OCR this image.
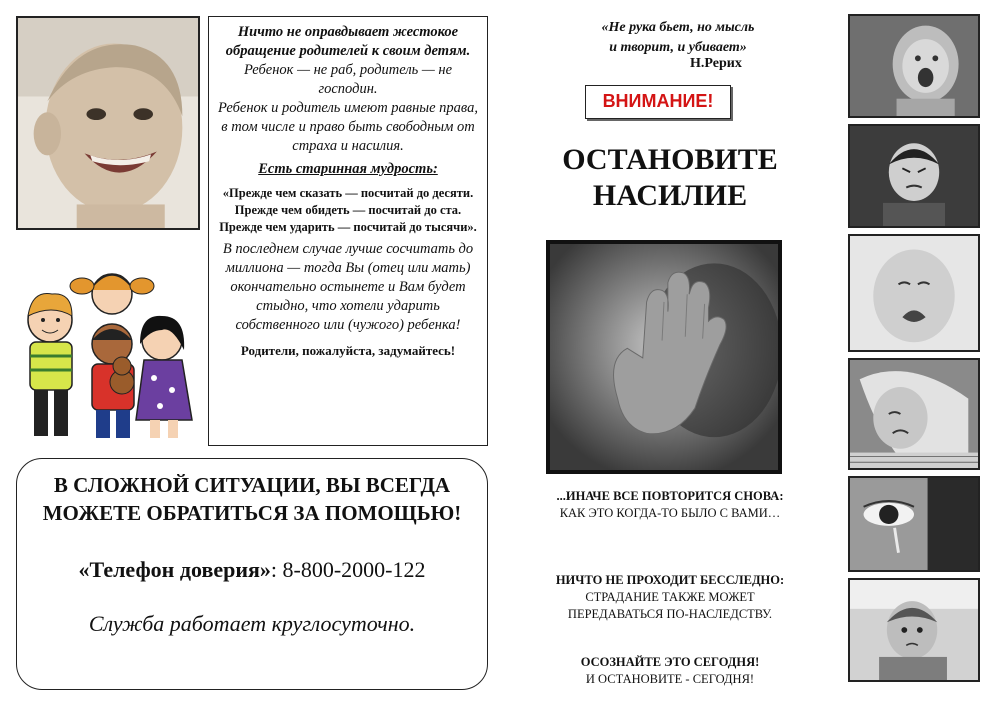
Ничто не оправдывает жестокое обращение родителей к своим детям.
Ребенок — не раб, родитель — не господин.
Ребенок и родитель имеют равные права, в том числе и право быть свободным от страха и насилия.
Есть старинная мудрость:
«Прежде чем сказать — посчитай до десяти.
Прежде чем обидеть — посчитай до ста.
Прежде чем ударить — посчитай до тысячи».
В последнем случае лучше сосчитать до миллиона — тогда Вы (отец или мать) окончательно остынете и Вам будет стыдно, что хотели ударить собственного или (чужого) ребенка!
Родители, пожалуйста, задумайтесь!
В СЛОЖНОЙ СИТУАЦИИ, ВЫ ВСЕГДА МОЖЕТЕ ОБРАТИТЬСЯ ЗА ПОМОЩЬЮ!
«Телефон доверия»: 8-800-2000-122
Служба работает круглосуточно.
«Не рука бьет, но мысль
и творит, и убивает»
Н.Рерих
ВНИМАНИЕ!
ОСТАНОВИТЕ
НАСИЛИЕ
...ИНАЧЕ ВСЕ ПОВТОРИТСЯ СНОВА:
КАК ЭТО КОГДА-ТО БЫЛО С ВАМИ…
НИЧТО НЕ ПРОХОДИТ БЕССЛЕДНО:
СТРАДАНИЕ ТАКЖЕ МОЖЕТ ПЕРЕДАВАТЬСЯ ПО-НАСЛЕДСТВУ.
ОСОЗНАЙТЕ ЭТО СЕГОДНЯ!
И ОСТАНОВИТЕ - СЕГОДНЯ!
